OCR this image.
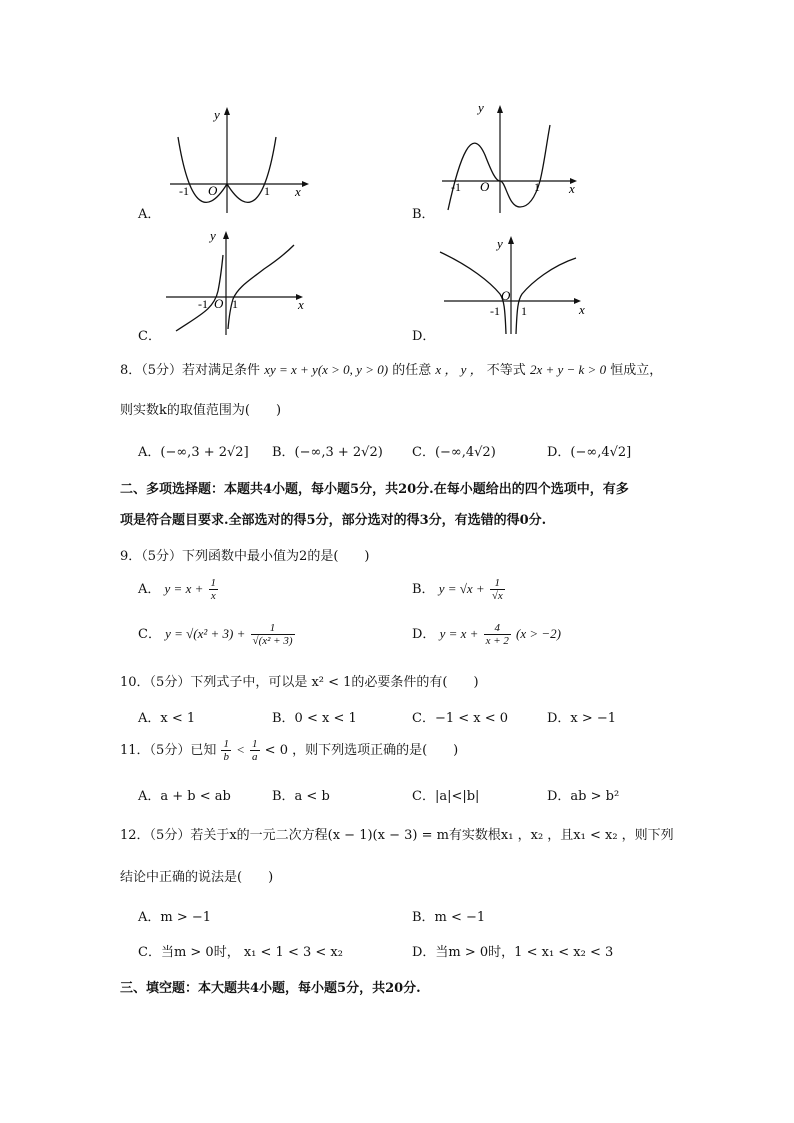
y
x
O
-1	1
A．
y
x
O
-1	1
B．
y
x
O
-1 1
C．
y
x
O
-1 1
D．
8．（5分）若对满足条件 xy = x + y(x > 0, y > 0) 的任意 x ， y ， 不等式 2x + y − k > 0 恒成立，
则实数k的取值范围为(　　)
A．(−∞,3 + 2√2] B．(−∞,3 + 2√2) C．(−∞,4√2)	D．(−∞,4√2]
二、多项选择题：本题共4小题，每小题5分，共20分.在每小题给出的四个选项中，有多
项是符合题目要求.全部选对的得5分，部分选对的得3分，有选错的得0分.
9．（5分）下列函数中最小值为2的是(　　)
A． $y = x + \frac{1}{x}$	B． $y = √x + \frac{1}{√x}$
C． $y = √(x^2 + 3) + \frac{1}{\text{√(x² + 3)}}$	D． $y = x + \frac{4}{x + 2} (x > -2)$
10．（5分）下列式子中，可以是 x² < 1的必要条件的有(　　)
A．x < 1	B．0 < x < 1	C．−1 < x < 0	D．x > −1
11．（5分）已知 $\frac{1}{b} < \frac{1}{a} < 0$ ，则下列选项正确的是(　　)
A．a + b < ab	B．a < b	C．|a|<|b|	D．ab > b²
12．（5分）若关于x的一元二次方程(x − 1)(x − 3) = m有实数根x₁ ，x₂ ，且x₁ < x₂ ，则下列
结论中正确的说法是(　　)
A．m > −1	B．m < −1
C．当m > 0时， x₁ < 1 < 3 < x₂	D．当m > 0时，1 < x₁ < x₂ < 3
三、填空题：本大题共4小题，每小题5分，共20分.
